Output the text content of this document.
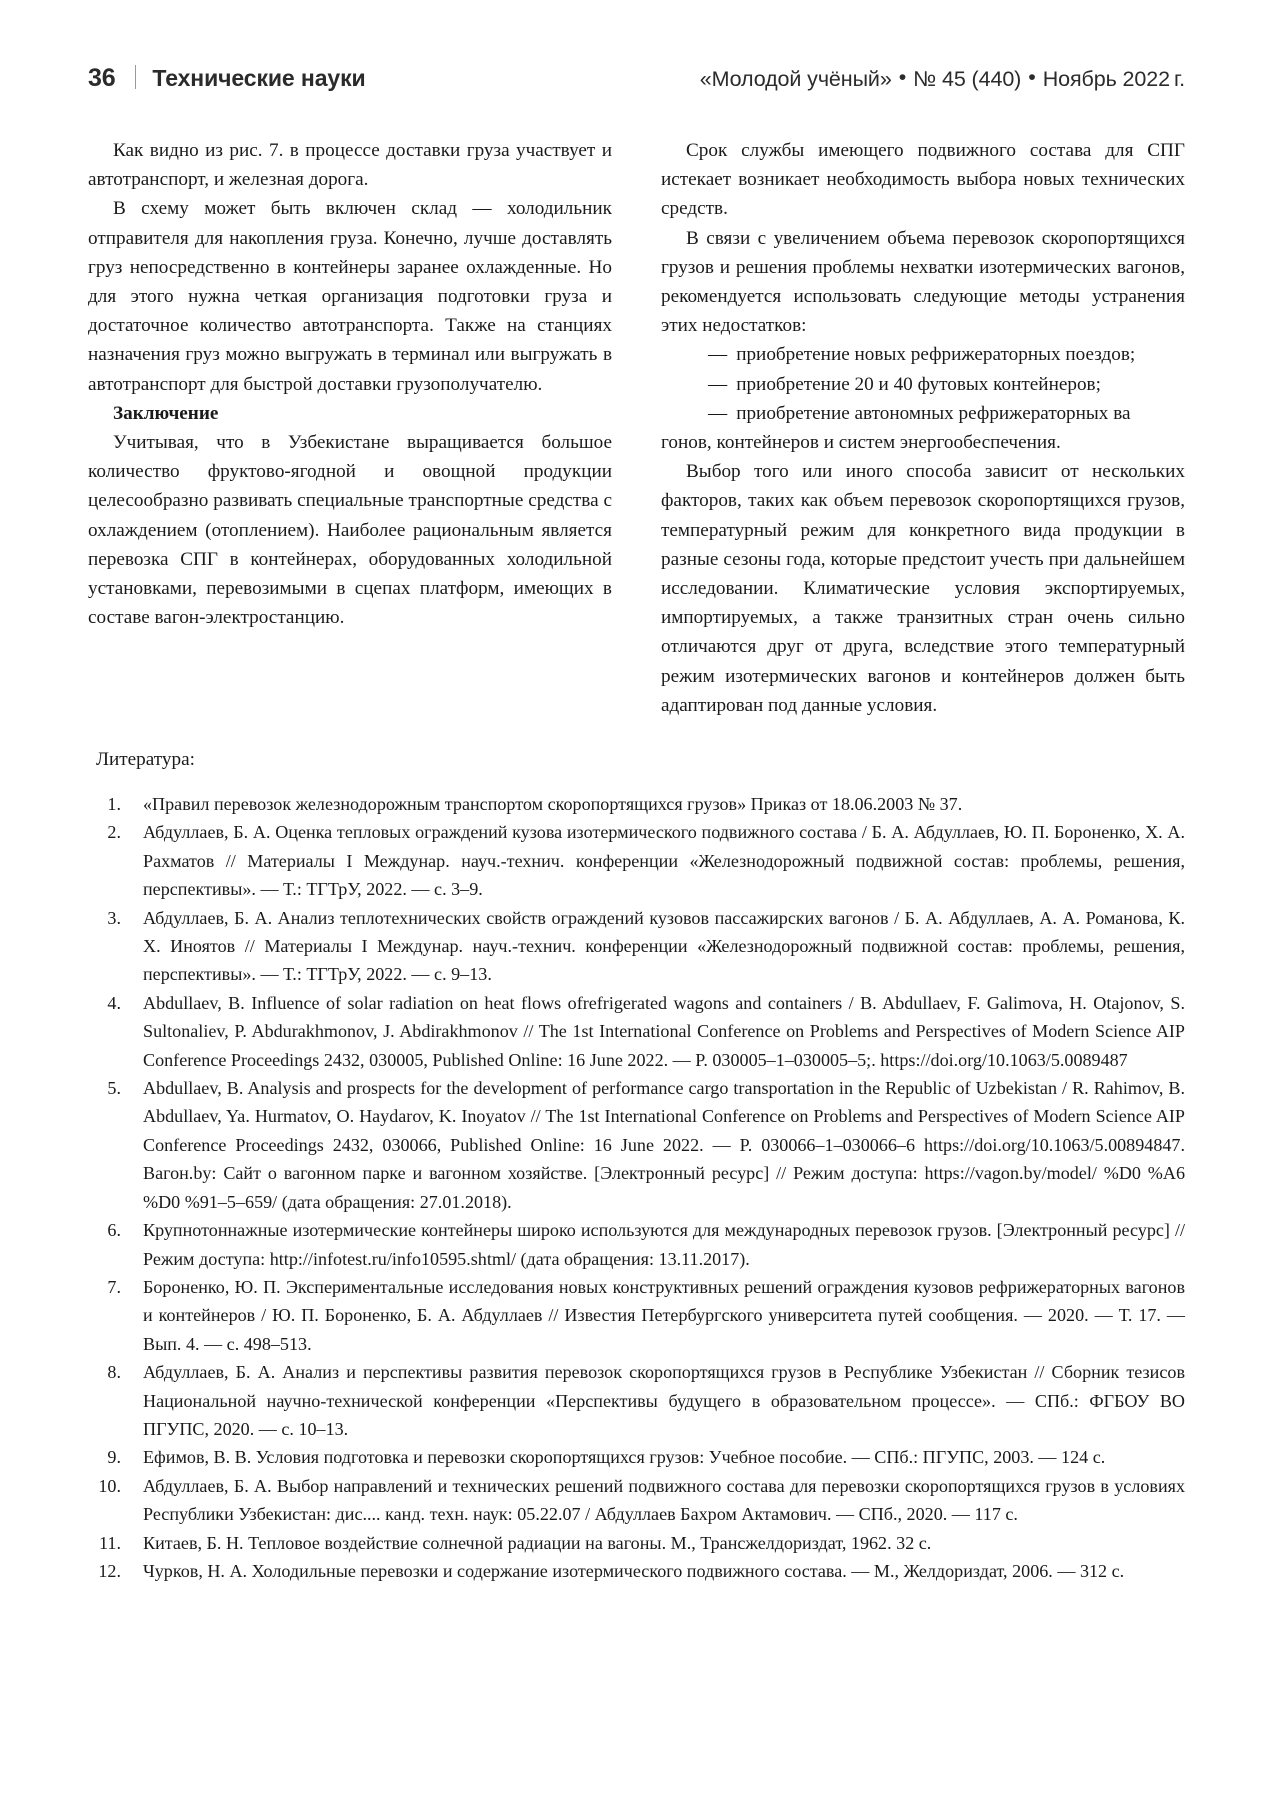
36 Технические науки	«Молодой учёный» • № 45 (440) • Ноябрь 2022 г.

Как видно из рис. 7. в процессе доставки груза участвует и автотранспорт, и железная дорога.

В схему может быть включен склад — холодильник отправителя для накопления груза. Конечно, лучше доставлять груз непосредственно в контейнеры заранее охлажденные. Но для этого нужна четкая организация подготовки груза и достаточное количество автотранспорта. Также на станциях назначения груз можно выгружать в терминал или выгружать в автотранспорт для быстрой доставки грузополучателю.

Заключение

Учитывая, что в Узбекистане выращивается большое количество фруктово-ягодной и овощной продукции целесообразно развивать специальные транспортные средства с охлаждением (отоплением). Наиболее рациональным является перевозка СПГ в контейнерах, оборудованных холодильной установками, перевозимыми в сцепах платформ, имеющих в составе вагон-электростанцию.

Срок службы имеющего подвижного состава для СПГ истекает возникает необходимость выбора новых технических средств.

В связи с увеличением объема перевозок скоропортящихся грузов и решения проблемы нехватки изотермических вагонов, рекомендуется использовать следующие методы устранения этих недостатков:

— приобретение новых рефрижераторных поездов;

— приобретение 20 и 40 футовых контейнеров;

— приобретение автономных рефрижераторных ва

гонов, контейнеров и систем энергообеспечения.

Выбор того или иного способа зависит от нескольких факторов, таких как объем перевозок скоропортящихся грузов, температурный режим для конкретного вида продукции в разные сезоны года, которые предстоит учесть при дальнейшем исследовании. Климатические условия экспортируемых, импортируемых, а также транзитных стран очень сильно отличаются друг от друга, вследствие этого температурный режим изотермических вагонов и контейнеров должен быть адаптирован под данные условия.

Литература:
1.	«Правил перевозок железнодорожным транспортом скоропортящихся грузов» Приказ от 18.06.2003 № 37.
2.	Абдуллаев, Б. А. Оценка тепловых ограждений кузова изотермического подвижного состава / Б. А. Абдуллаев, Ю. П. Бороненко, Х. А. Рахматов // Материалы I Междунар. науч.-технич. конференции «Железнодорожный подвижной состав: проблемы, решения, перспективы». — Т.: ТГТрУ, 2022. — с. 3–9.
3.	Абдуллаев, Б. А. Анализ теплотехнических свойств ограждений кузовов пассажирских вагонов / Б. А. Абдуллаев, А. А. Романова, К. Х. Иноятов // Материалы I Междунар. науч.-технич. конференции «Железнодорожный подвижной состав: проблемы, решения, перспективы». — Т.: ТГТрУ, 2022. — с. 9–13.
4.	Abdullaev, B. Influence of solar radiation on heat flows ofrefrigerated wagons and containers / B. Abdullaev, F. Galimova, H. Otajonov, S. Sultonaliev, P. Abdurakhmonov, J. Abdirakhmonov // The 1st International Conference on Problems and Perspectives of Modern Science AIP Conference Proceedings 2432, 030005, Published Online: 16 June 2022. — P. 030005–1–030005–5;. https://doi.org/10.1063/5.0089487
5.	Abdullaev, B. Analysis and prospects for the development of performance cargo transportation in the Republic of Uzbekistan / R. Rahimov, B. Abdullaev, Ya. Hurmatov, O. Haydarov, K. Inoyatov // The 1st International Conference on Problems and Perspectives of Modern Science AIP Conference Proceedings 2432, 030066, Published Online: 16 June 2022. — P. 030066–1–030066–6 https://doi.org/10.1063/5.00894847. Вагон.by: Сайт о вагонном парке и вагонном хозяйстве. [Электронный ресурс] // Режим доступа: https://vagon.by/model/ %D0 %A6 %D0 %91–5–659/ (дата обращения: 27.01.2018).
6.	Крупнотоннажные изотермические контейнеры широко используются для международных перевозок грузов. [Электронный ресурс] // Режим доступа: http://infotest.ru/info10595.shtml/ (дата обращения: 13.11.2017).
7.	Бороненко, Ю. П. Экспериментальные исследования новых конструктивных решений ограждения кузовов рефрижераторных вагонов и контейнеров / Ю. П. Бороненко, Б. А. Абдуллаев // Известия Петербургского университета путей сообщения. — 2020. — Т. 17. — Вып. 4. — с. 498–513.
8.	Абдуллаев, Б. А. Анализ и перспективы развития перевозок скоропортящихся грузов в Республике Узбекистан // Сборник тезисов Национальной научно-технической конференции «Перспективы будущего в образовательном процессе». — СПб.: ФГБОУ ВО ПГУПС, 2020. — с. 10–13.
9.	Ефимов, В. В. Условия подготовка и перевозки скоропортящихся грузов: Учебное пособие. — СПб.: ПГУПС, 2003. — 124 с.
10.	Абдуллаев, Б. А. Выбор направлений и технических решений подвижного состава для перевозки скоропортящихся грузов в условиях Республики Узбекистан: дис.... канд. техн. наук: 05.22.07 / Абдуллаев Бахром Актамович. — СПб., 2020. — 117 с.
11.	Китаев, Б. Н. Тепловое воздействие солнечной радиации на вагоны. М., Трансжелдориздат, 1962. 32 с.
12.	Чурков, Н. А. Холодильные перевозки и содержание изотермического подвижного состава. — М., Желдориздат, 2006. — 312 с.
